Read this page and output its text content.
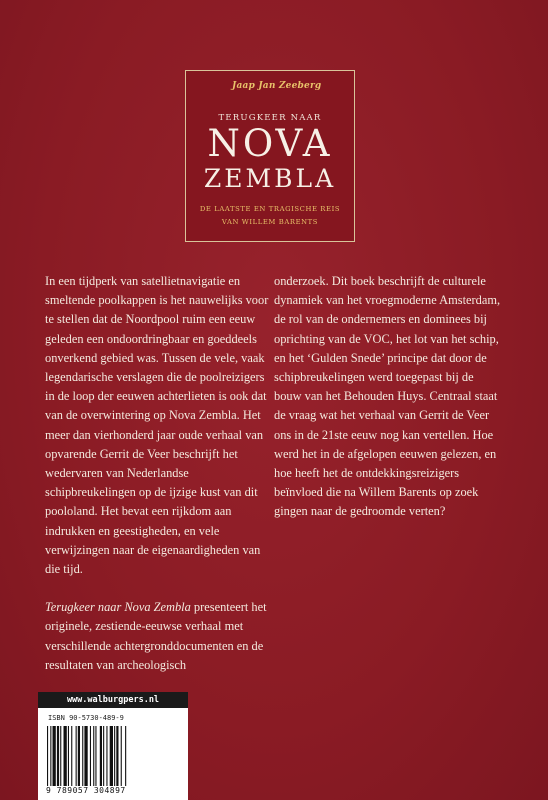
Jaap Jan Zeeberg
TERUGKEER NAAR
NOVA
ZEMBLA
DE LAATSTE EN TRAGISCHE REIS
VAN WILLEM BARENTS

In een tijdperk van satellietnavigatie en smeltende poolkappen is het nauwelijks voor te stellen dat de Noordpool ruim een eeuw geleden een ondoordringbaar en goeddeels onverkend gebied was. Tussen de vele, vaak legendarische verslagen die de poolreizigers in de loop der eeuwen achterlieten is ook dat van de overwintering op Nova Zembla. Het meer dan vierhonderd jaar oude verhaal van opvarende Gerrit de Veer beschrijft het wedervaren van Nederlandse schipbreukelingen op de ijzige kust van dit poololand. Het bevat een rijkdom aan indrukken en geestigheden, en vele verwijzingen naar de eigenaardigheden van die tijd.

Terugkeer naar Nova Zembla presenteert het originele, zestiende-eeuwse verhaal met verschillende achtergronddocumenten en de resultaten van archeologisch

onderzoek. Dit boek beschrijft de culturele dynamiek van het vroegmoderne Amsterdam, de rol van de ondernemers en dominees bij oprichting van de VOC, het lot van het schip, en het ‘Gulden Snede’ principe dat door de schipbreukelingen werd toegepast bij de bouw van het Behouden Huys. Centraal staat de vraag wat het verhaal van Gerrit de Veer ons in de 21ste eeuw nog kan vertellen. Hoe werd het in de afgelopen eeuwen gelezen, en hoe heeft het de ontdekkingsreizigers beïnvloed die na Willem Barents op zoek gingen naar de gedroomde verten?

www.walburgpers.nl
ISBN 90-5730-489-9
9 789057 304897
